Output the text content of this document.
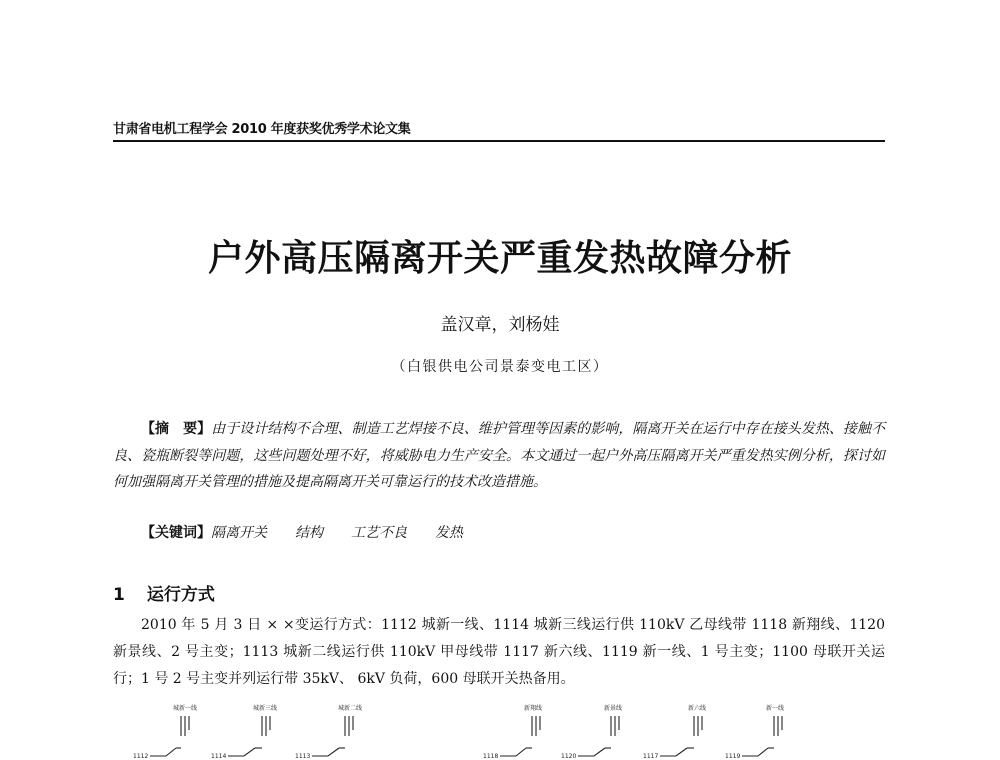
甘肃省电机工程学会 2010 年度获奖优秀学术论文集
户外高压隔离开关严重发热故障分析
盖汉章，刘杨娃
（白银供电公司景泰变电工区）
【摘　要】由于设计结构不合理、制造工艺焊接不良、维护管理等因素的影响，隔离开关在运行中存在接头发热、接触不良、瓷瓶断裂等问题，这些问题处理不好，将威胁电力生产安全。本文通过一起户外高压隔离开关严重发热实例分析，探讨如何加强隔离开关管理的措施及提高隔离开关可靠运行的技术改造措施。
【关键词】隔离开关 结构 工艺不良 发热
1 运行方式
2010 年 5 月 3 日 × ×变运行方式：1112 城新一线、1114 城新三线运行供 110kV 乙母线带 1118 新翔线、1120 新景线、2 号主变；1113 城新二线运行供 110kV 甲母线带 1117 新六线、1119 新一线、1 号主变；1100 母联开关运行；1 号 2 号主变并列运行带 35kV、 6kV 负荷，600 母联开关热备用。
城新一线	城新三线	城新二线	新翔线	新景线	新六线	新一线
1112	1114	1113	1118	1120	1117	1119
